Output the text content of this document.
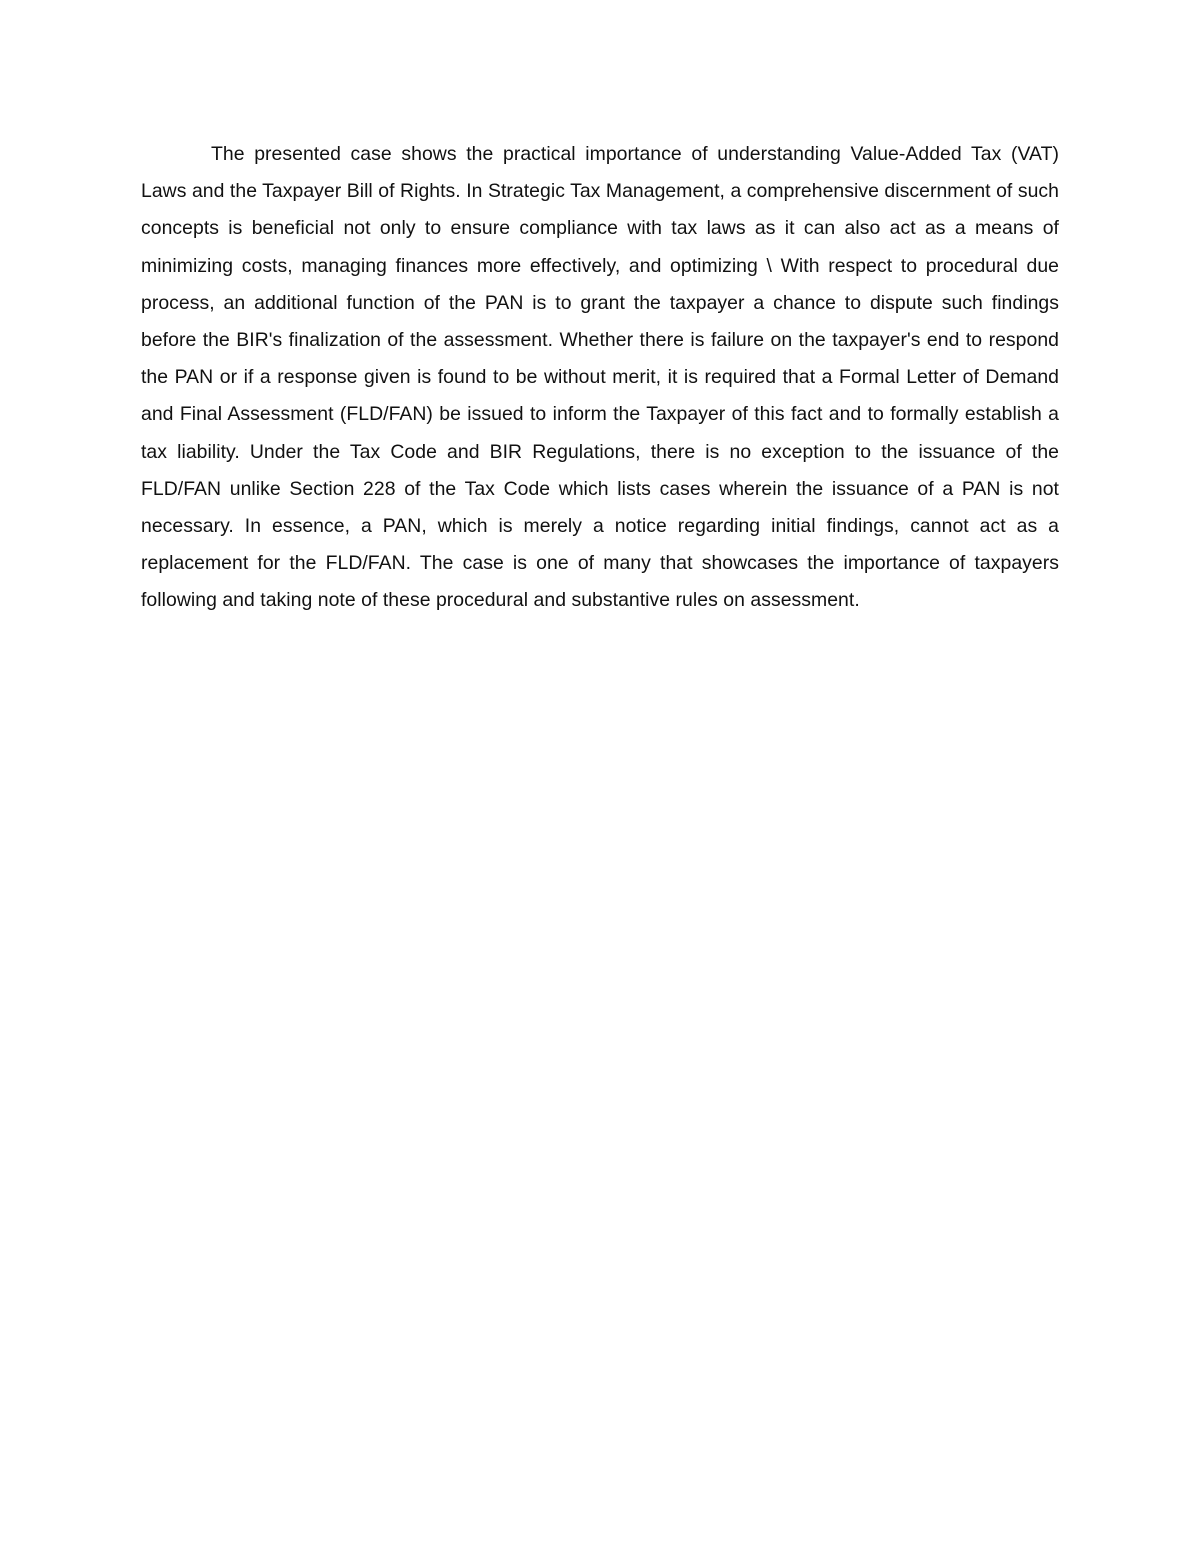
The presented case shows the practical importance of understanding Value-Added Tax (VAT) Laws and the Taxpayer Bill of Rights. In Strategic Tax Management, a comprehensive discernment of such concepts is beneficial not only to ensure compliance with tax laws as it can also act as a means of minimizing costs, managing finances more effectively, and optimizing \ With respect to procedural due process, an additional function of the PAN is to grant the taxpayer a chance to dispute such findings before the BIR's finalization of the assessment. Whether there is failure on the taxpayer's end to respond the PAN or if a response given is found to be without merit, it is required that a Formal Letter of Demand and Final Assessment (FLD/FAN) be issued to inform the Taxpayer of this fact and to formally establish a tax liability. Under the Tax Code and BIR Regulations, there is no exception to the issuance of the FLD/FAN unlike Section 228 of the Tax Code which lists cases wherein the issuance of a PAN is not necessary. In essence, a PAN, which is merely a notice regarding initial findings, cannot act as a replacement for the FLD/FAN. The case is one of many that showcases the importance of taxpayers following and taking note of these procedural and substantive rules on assessment.
